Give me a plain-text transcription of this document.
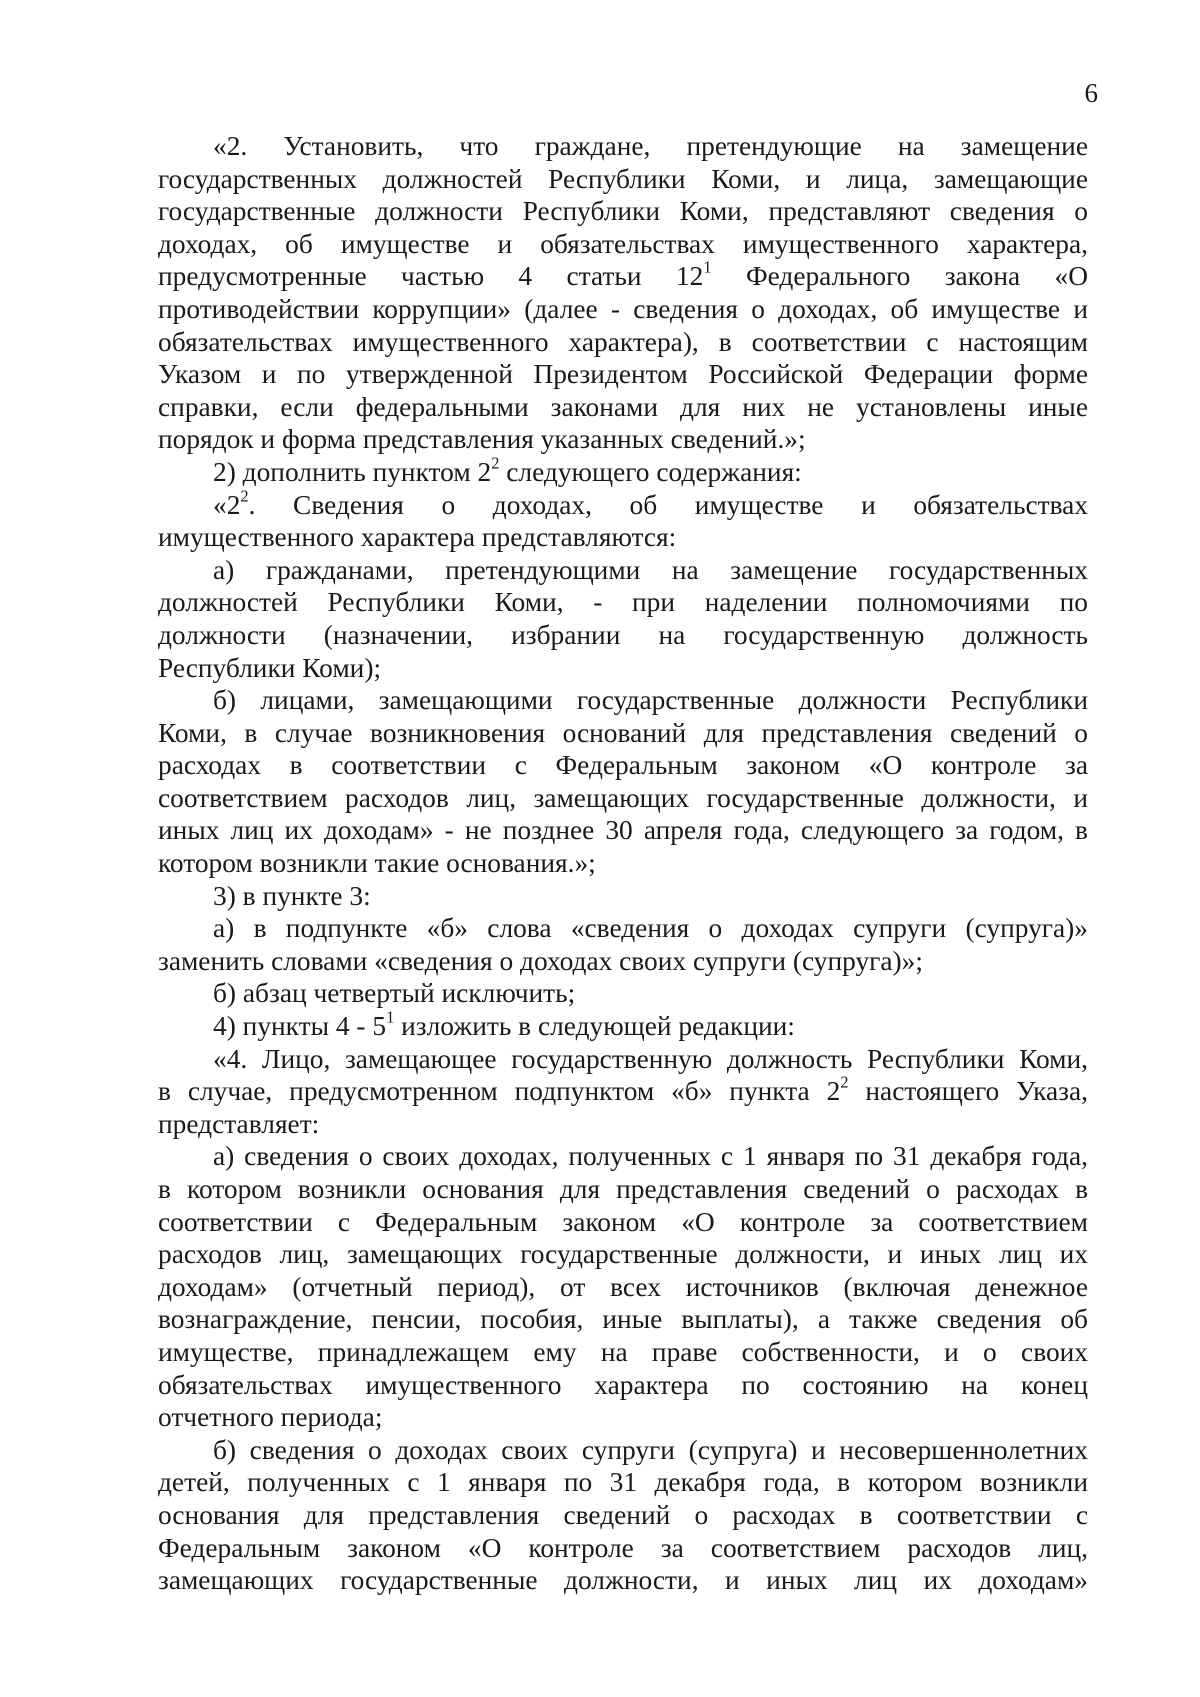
6
«2. Установить, что граждане, претендующие на замещение
государственных должностей Республики Коми, и лица, замещающие
государственные должности Республики Коми, представляют сведения о
доходах, об имуществе и обязательствах имущественного характера,
предусмотренные частью 4 статьи $12^1$ Федерального закона «О
противодействии коррупции» (далее - сведения о доходах, об имуществе и
обязательствах имущественного характера), в соответствии с настоящим
Указом и по утвержденной Президентом Российской Федерации форме
справки, если федеральными законами для них не установлены иные
порядок и форма представления указанных сведений.»;
2) дополнить пунктом $2^2$ следующего содержания:
«$2^2$. Сведения о доходах, об имуществе и обязательствах
имущественного характера представляются:
а) гражданами, претендующими на замещение государственных
должностей Республики Коми, - при наделении полномочиями по
должности (назначении, избрании на государственную должность
Республики Коми);
б) лицами, замещающими государственные должности Республики
Коми, в случае возникновения оснований для представления сведений о
расходах в соответствии с Федеральным законом «О контроле за
соответствием расходов лиц, замещающих государственные должности, и
иных лиц их доходам» - не позднее 30 апреля года, следующего за годом, в
котором возникли такие основания.»;
3) в пункте 3:
а) в подпункте «б» слова «сведения о доходах супруги (супруга)»
заменить словами «сведения о доходах своих супруги (супруга)»;
б) абзац четвертый исключить;
4) пункты $4 - 5^1$ изложить в следующей редакции:
«4. Лицо, замещающее государственную должность Республики Коми,
в случае, предусмотренном подпунктом «б» пункта $2^2$ настоящего Указа,
представляет:
а) сведения о своих доходах, полученных с 1 января по 31 декабря года,
в котором возникли основания для представления сведений о расходах в
соответствии с Федеральным законом «О контроле за соответствием
расходов лиц, замещающих государственные должности, и иных лиц их
доходам» (отчетный период), от всех источников (включая денежное
вознаграждение, пенсии, пособия, иные выплаты), а также сведения об
имуществе, принадлежащем ему на праве собственности, и о своих
обязательствах имущественного характера по состоянию на конец
отчетного периода;
б) сведения о доходах своих супруги (супруга) и несовершеннолетних
детей, полученных с 1 января по 31 декабря года, в котором возникли
основания для представления сведений о расходах в соответствии с
Федеральным законом «О контроле за соответствием расходов лиц,
замещающих государственные должности, и иных лиц их доходам»
